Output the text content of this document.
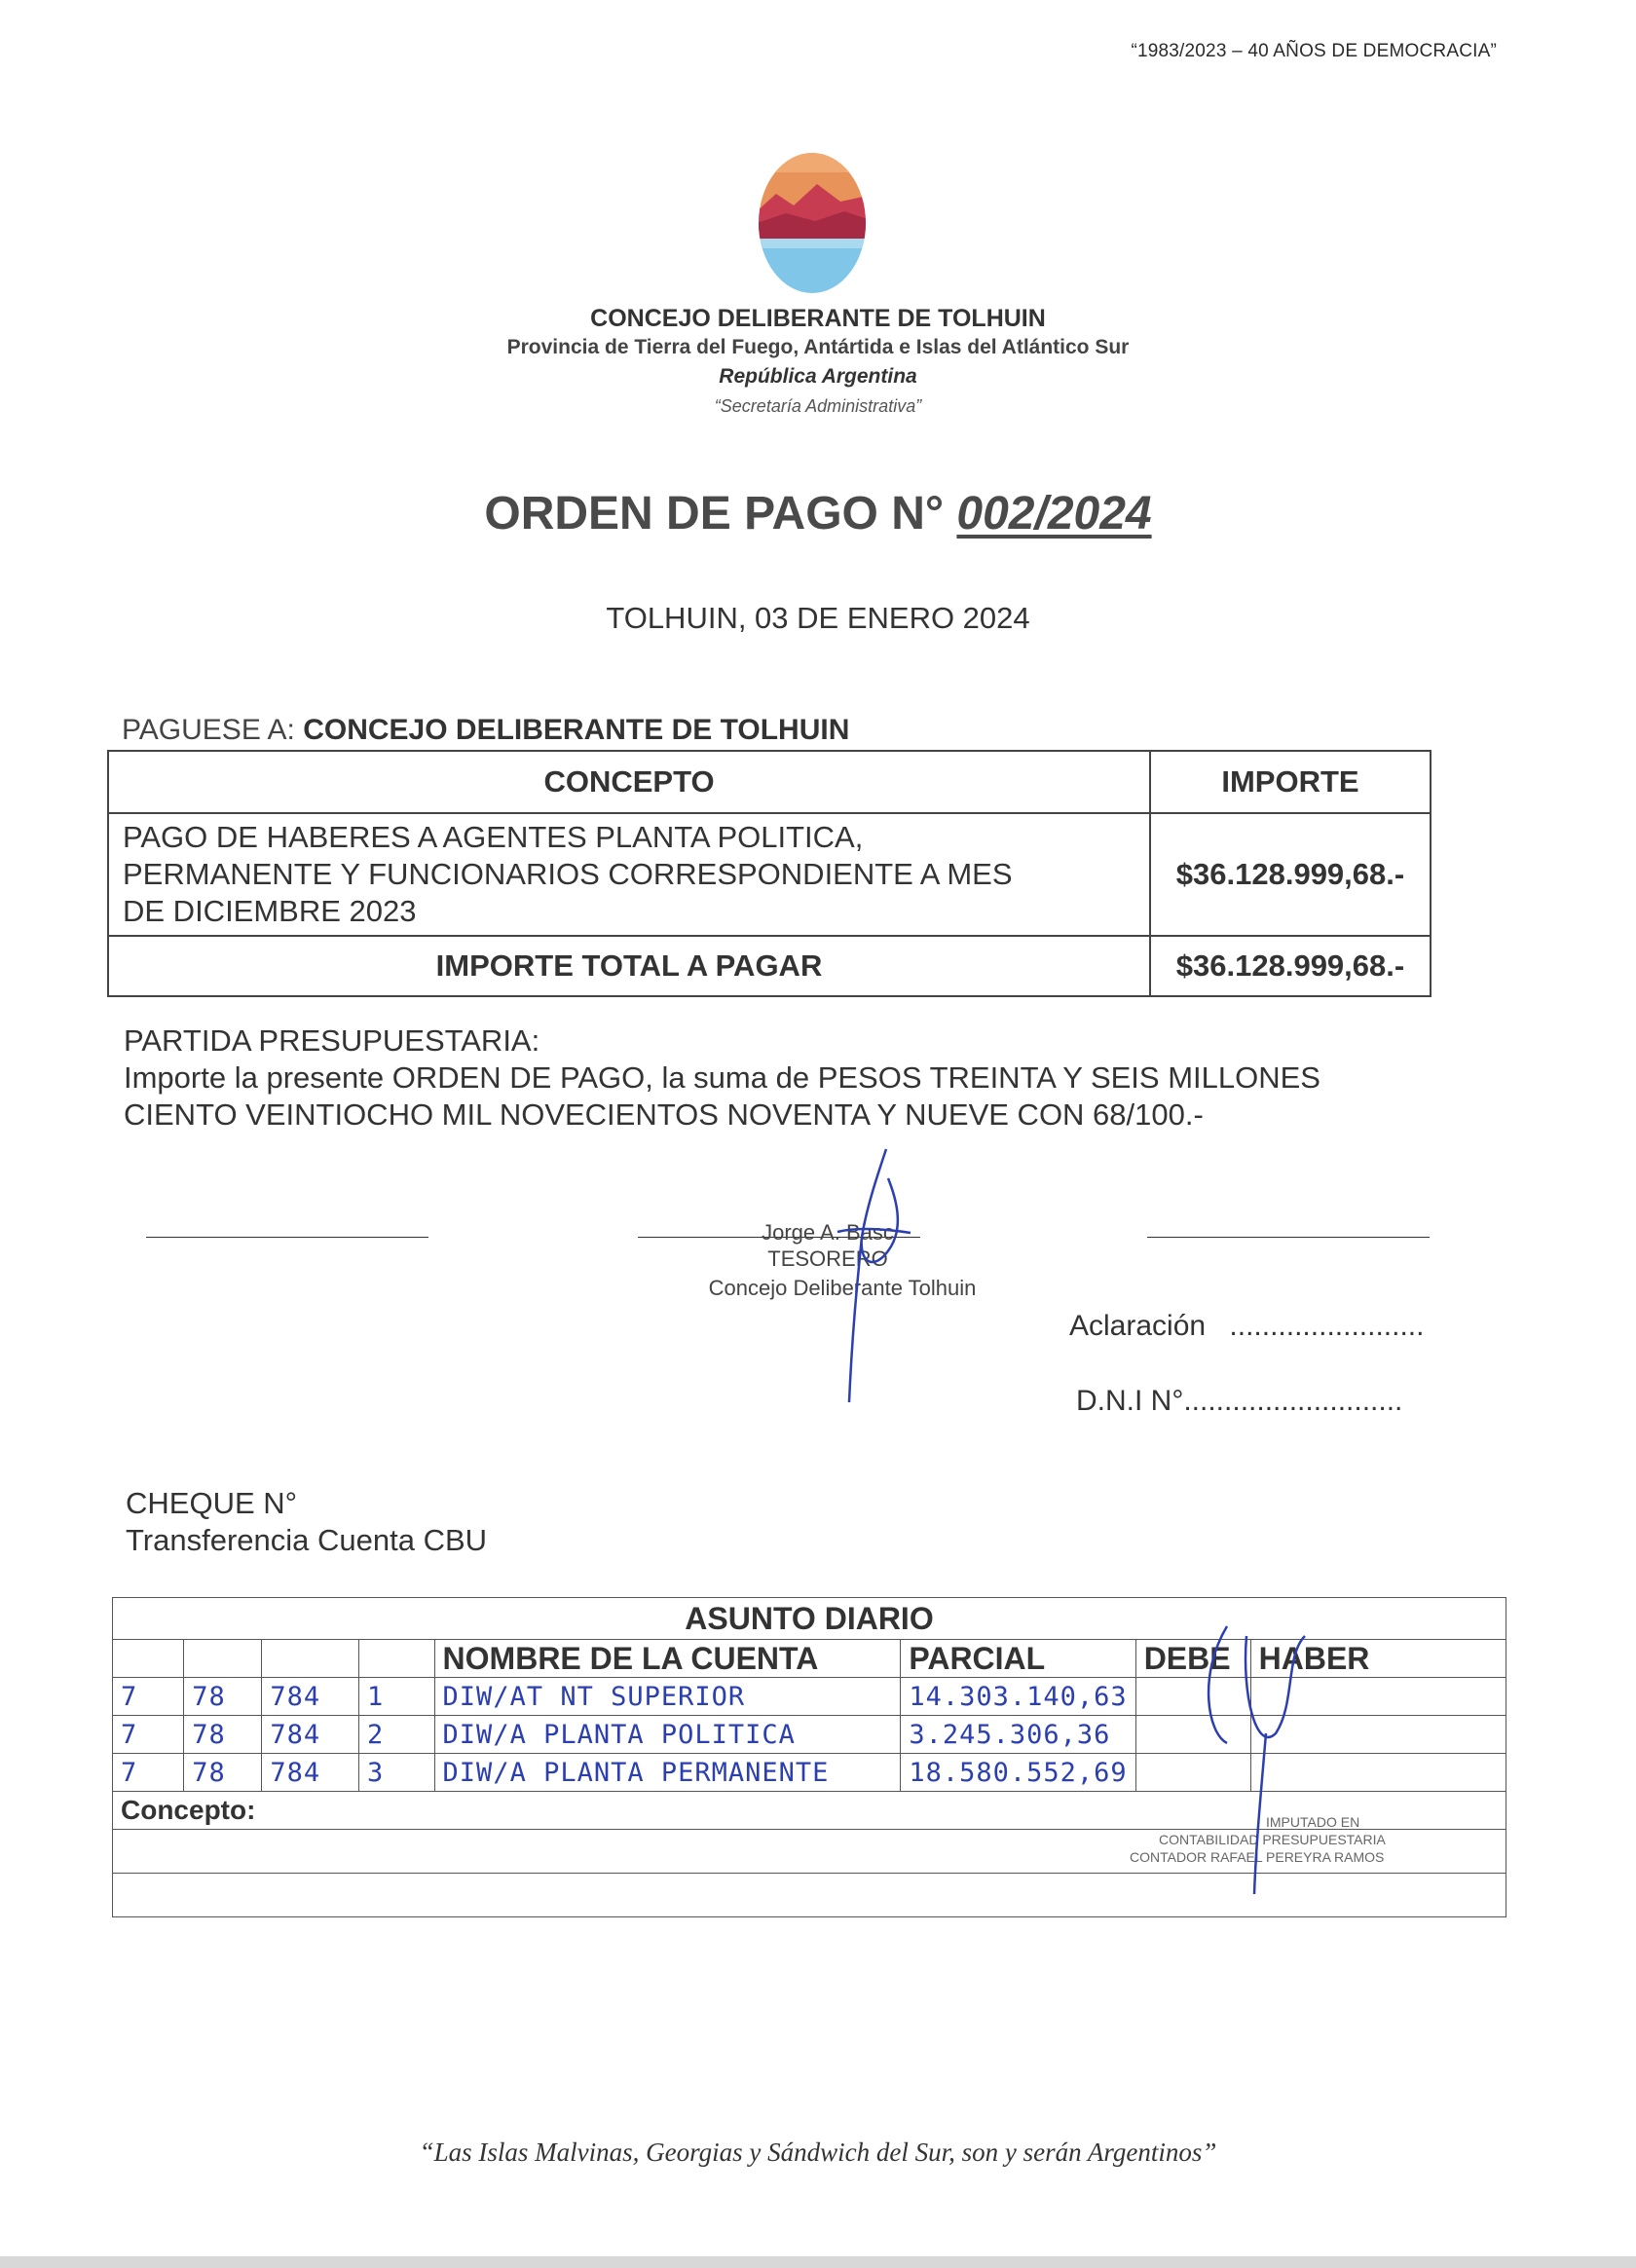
“1983/2023 – 40 AÑOS DE DEMOCRACIA”
CONCEJO DELIBERANTE DE TOLHUIN
Provincia de Tierra del Fuego, Antártida e Islas del Atlántico Sur
República Argentina
“Secretaría Administrativa”
ORDEN DE PAGO N° 002/2024
TOLHUIN, 03 DE ENERO 2024
PAGUESE A: CONCEJO DELIBERANTE DE TOLHUIN
CONCEPTO	IMPORTE

PAGO DE HABERES A AGENTES PLANTA POLITICA,
PERMANENTE Y FUNCIONARIOS CORRESPONDIENTE A MES
DE DICIEMBRE 2023	$36.128.999,68.-
IMPORTE TOTAL A PAGAR	$36.128.999,68.-
PARTIDA PRESUPUESTARIA:
Importe la presente ORDEN DE PAGO, la suma de PESOS TREINTA Y SEIS MILLONES
CIENTO VEINTIOCHO MIL NOVECIENTOS NOVENTA Y NUEVE CON 68/100.-
Jorge A. Basc
TESORERO
Concejo Deliberante Tolhuin
Aclaración ........................
D.N.I N°...........................
CHEQUE N°
Transferencia Cuenta CBU
ASUNTO DIARIO							
				NOMBRE DE LA CUENTA	PARCIAL	DEBE	HABER
7	78	784	1	DIW/AT NT SUPERIOR	14.303.140,63		
7	78	784	2	DIW/A PLANTA POLITICA	3.245.306,36		
7	78	784	3	DIW/A PLANTA PERMANENTE	18.580.552,69		
Concepto:								IMPUTADO EN
CONTABILIDAD PRESUPUESTARIA
CONTADOR RAFAEL PEREYRA RAMOS
“Las Islas Malvinas, Georgias y Sándwich del Sur, son y serán Argentinos”
